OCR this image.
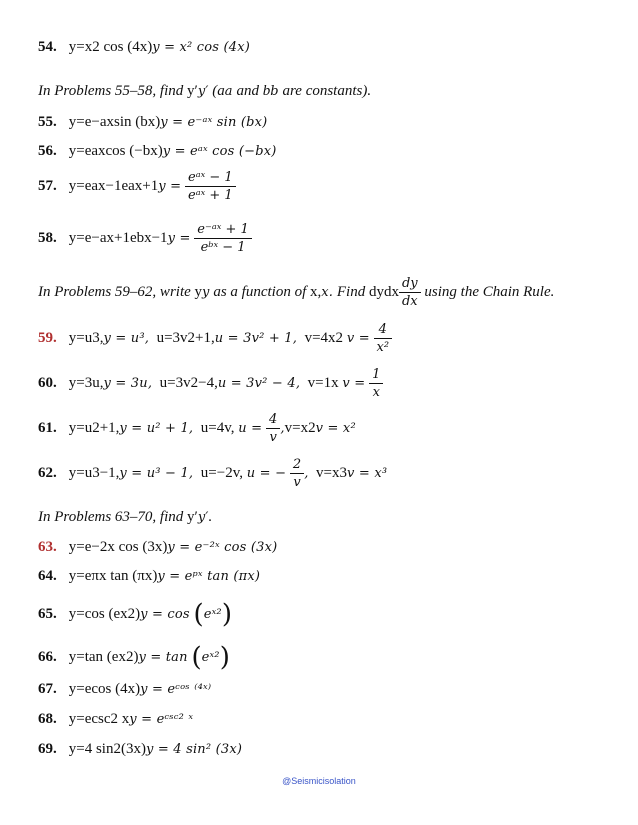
54. y=x2 cos (4x)𝑦 = 𝑥² cos (4𝑥)
In Problems 55–58, find y′𝑦′ (a𝑎 and b𝑏 are constants).
55. y=e−axsin (bx)𝑦 = 𝑒⁻ᵃˣ sin (𝑏𝑥)
56. y=eaxcos (−bx)𝑦 = 𝑒ᵃˣ cos (−𝑏𝑥)
57. y=eax−1eax+1𝑦 = $\frac{\text{𝑒ᵃˣ − 1}}{\text{𝑒ᵃˣ + 1}}$
58. y=e−ax+1ebx−1𝑦 = $\frac{\text{𝑒⁻ᵃˣ + 1}}{\text{𝑒ᵇˣ − 1}}$
In Problems 59–62, write y𝑦 as a function of x,𝑥. Find dydx $\frac{\text{𝑑𝑦}}{\text{𝑑𝑥}}$ using the Chain Rule.
59. y=u3,𝑦 = 𝑢³, u=3v2+1,𝑢 = 3𝑣² + 1, v=4x2 𝑣 = $\frac{4}{\text{𝑥²}}$
60. y=3u,𝑦 = 3𝑢, u=3v2−4,𝑢 = 3𝑣² − 4, v=1x 𝑣 = $\frac{1}{\text{𝑥}}$
61. y=u2+1,𝑦 = 𝑢² + 1, u=4v, 𝑢 = $\frac{4}{\text{𝑣}}$ ,v=x2𝑣 = 𝑥²
62. y=u3−1,𝑦 = 𝑢³ − 1, u=−2v, 𝑢 = − $\frac{2}{\text{𝑣}}$ , v=x3𝑣 = 𝑥³
In Problems 63–70, find y′𝑦′.
63. y=e−2x cos (3x)𝑦 = 𝑒⁻²ˣ cos (3𝑥)
64. y=eπx tan (πx)𝑦 = 𝑒ᵖˣ tan (𝜋𝑥)
65. y=cos (ex2)𝑦 = cos (𝑒ˣ²)
66. y=tan (ex2)𝑦 = tan (𝑒ˣ²)
67. y=ecos (4x)𝑦 = 𝑒ᶜᵒˢ ⁽⁴ˣ⁾
68. y=ecsc2 x𝑦 = 𝑒ᶜˢᶜ² ˣ
69. y=4 sin2(3x)𝑦 = 4 sin² (3𝑥)
@Seismicisolation
